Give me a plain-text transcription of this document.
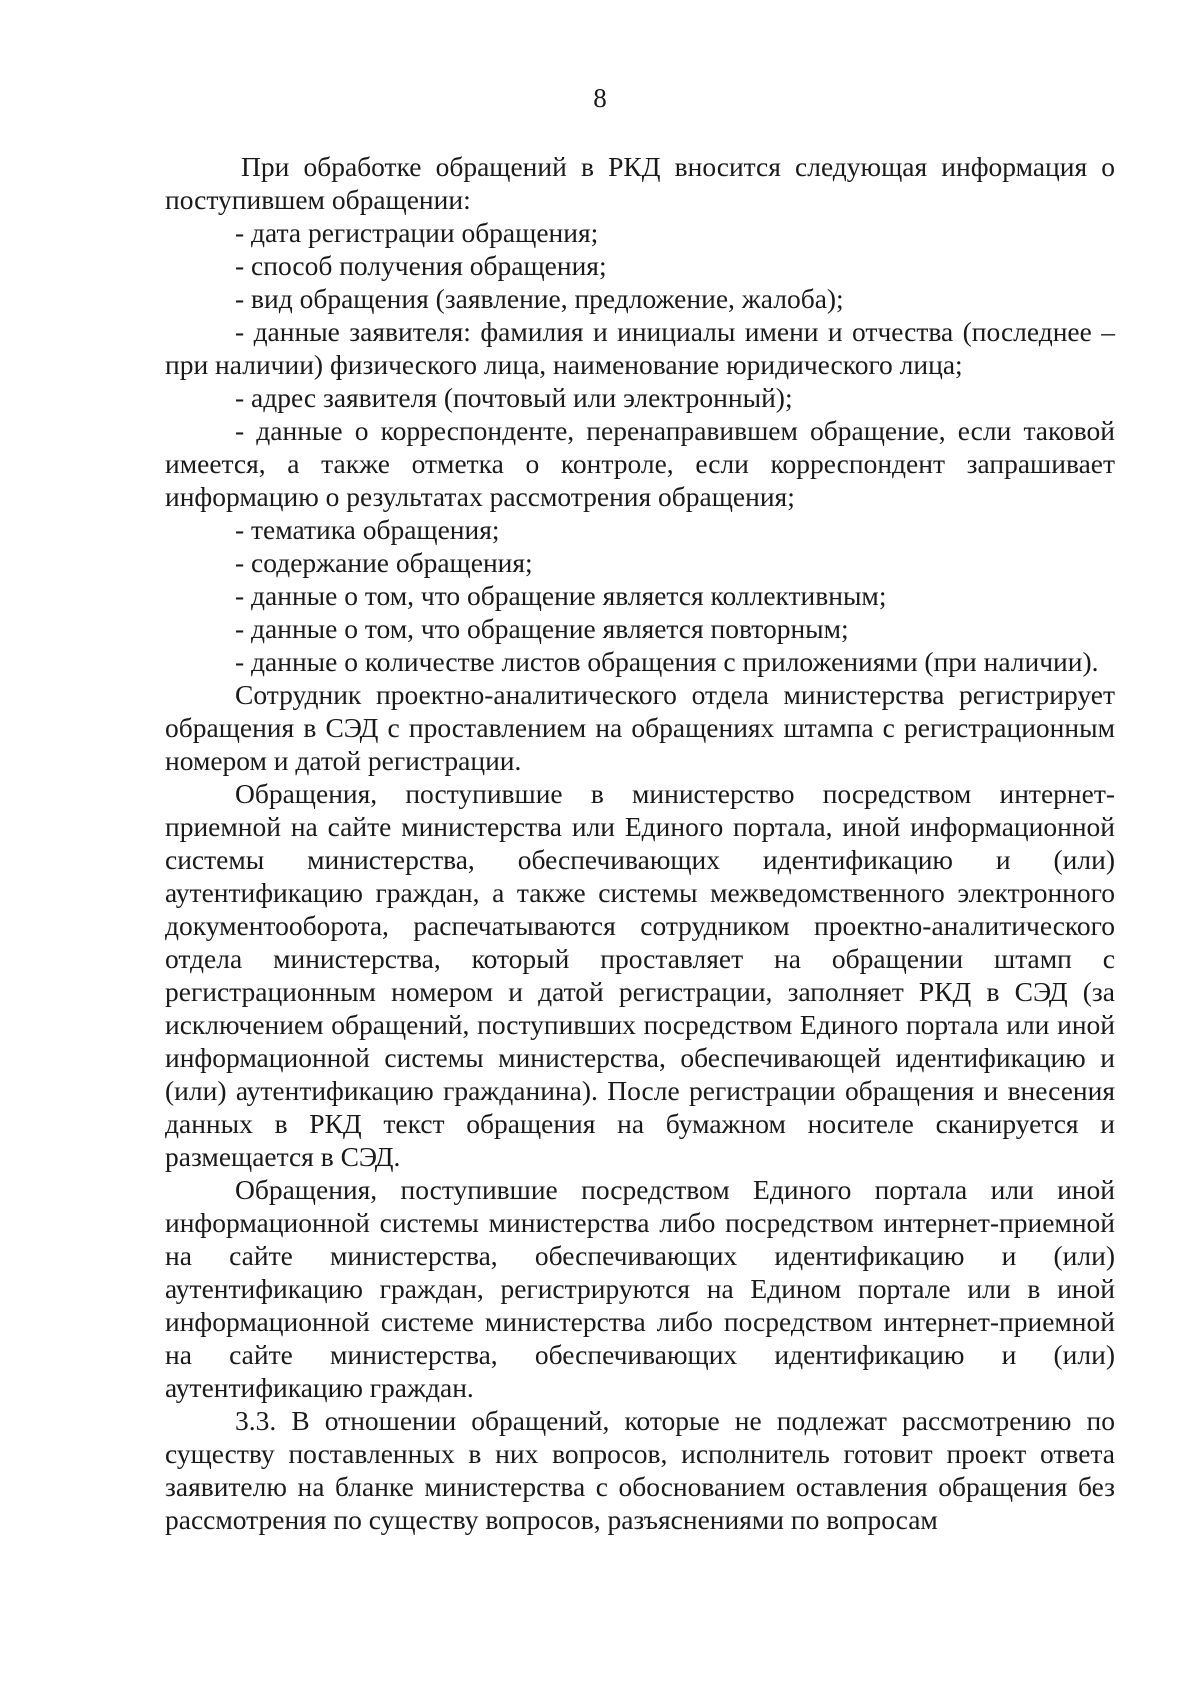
8

При обработке обращений в РКД вносится следующая информация о поступившем обращении:

- дата регистрации обращения;

- способ получения обращения;

- вид обращения (заявление, предложение, жалоба);

- данные заявителя: фамилия и инициалы имени и отчества (последнее – при наличии) физического лица, наименование юридического лица;

- адрес заявителя (почтовый или электронный);

- данные о корреспонденте, перенаправившем обращение, если таковой имеется, а также отметка о контроле, если корреспондент запрашивает информацию о результатах рассмотрения обращения;

- тематика обращения;

- содержание обращения;

- данные о том, что обращение является коллективным;

- данные о том, что обращение является повторным;

- данные о количестве листов обращения с приложениями (при наличии).

Сотрудник проектно-аналитического отдела министерства регистрирует обращения в СЭД с проставлением на обращениях штампа с регистрационным номером и датой регистрации.

Обращения, поступившие в министерство посредством интернет-приемной на сайте министерства или Единого портала, иной информационной системы министерства, обеспечивающих идентификацию и (или) аутентификацию граждан, а также системы межведомственного электронного документооборота, распечатываются сотрудником проектно-аналитического отдела министерства, который проставляет на обращении штамп с регистрационным номером и датой регистрации, заполняет РКД в СЭД (за исключением обращений, поступивших посредством Единого портала или иной информационной системы министерства, обеспечивающей идентификацию и (или) аутентификацию гражданина). После регистрации обращения и внесения данных в РКД текст обращения на бумажном носителе сканируется и размещается в СЭД.

Обращения, поступившие посредством Единого портала или иной информационной системы министерства либо посредством интернет-приемной на сайте министерства, обеспечивающих идентификацию и (или) аутентификацию граждан, регистрируются на Едином портале или в иной информационной системе министерства либо посредством интернет-приемной на сайте министерства, обеспечивающих идентификацию и (или) аутентификацию граждан.

3.3. В отношении обращений, которые не подлежат рассмотрению по существу поставленных в них вопросов, исполнитель готовит проект ответа заявителю на бланке министерства с обоснованием оставления обращения без рассмотрения по существу вопросов, разъяснениями по вопросам
